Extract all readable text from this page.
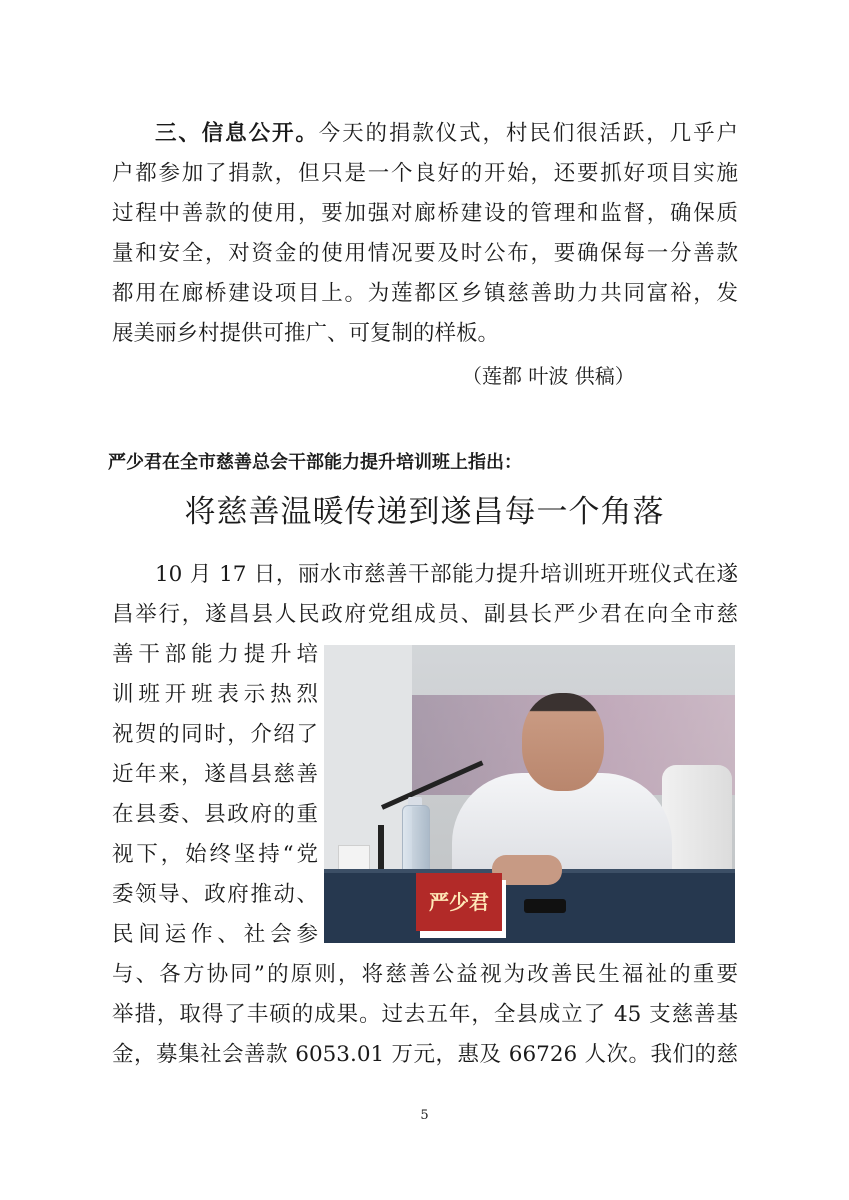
三、信息公开。今天的捐款仪式，村民们很活跃，几乎户
户都参加了捐款，但只是一个良好的开始，还要抓好项目实施
过程中善款的使用，要加强对廊桥建设的管理和监督，确保质
量和安全，对资金的使用情况要及时公布，要确保每一分善款
都用在廊桥建设项目上。为莲都区乡镇慈善助力共同富裕，发
展美丽乡村提供可推广、可复制的样板。
（莲都 叶波 供稿）
严少君在全市慈善总会干部能力提升培训班上指出：
将慈善温暖传递到遂昌每一个角落
10 月 17 日，丽水市慈善干部能力提升培训班开班仪式在遂
昌举行，遂昌县人民政府党组成员、副县长严少君在向全市慈
善干部能力提升培
训班开班表示热烈
祝贺的同时，介绍了
近年来，遂昌县慈善
在县委、县政府的重
视下，始终坚持“党
委领导、政府推动、
民间运作、社会参
严少君
与、各方协同”的原则，将慈善公益视为改善民生福祉的重要
举措，取得了丰硕的成果。过去五年，全县成立了 45 支慈善基
金，募集社会善款 6053.01 万元，惠及 66726 人次。我们的慈
5
